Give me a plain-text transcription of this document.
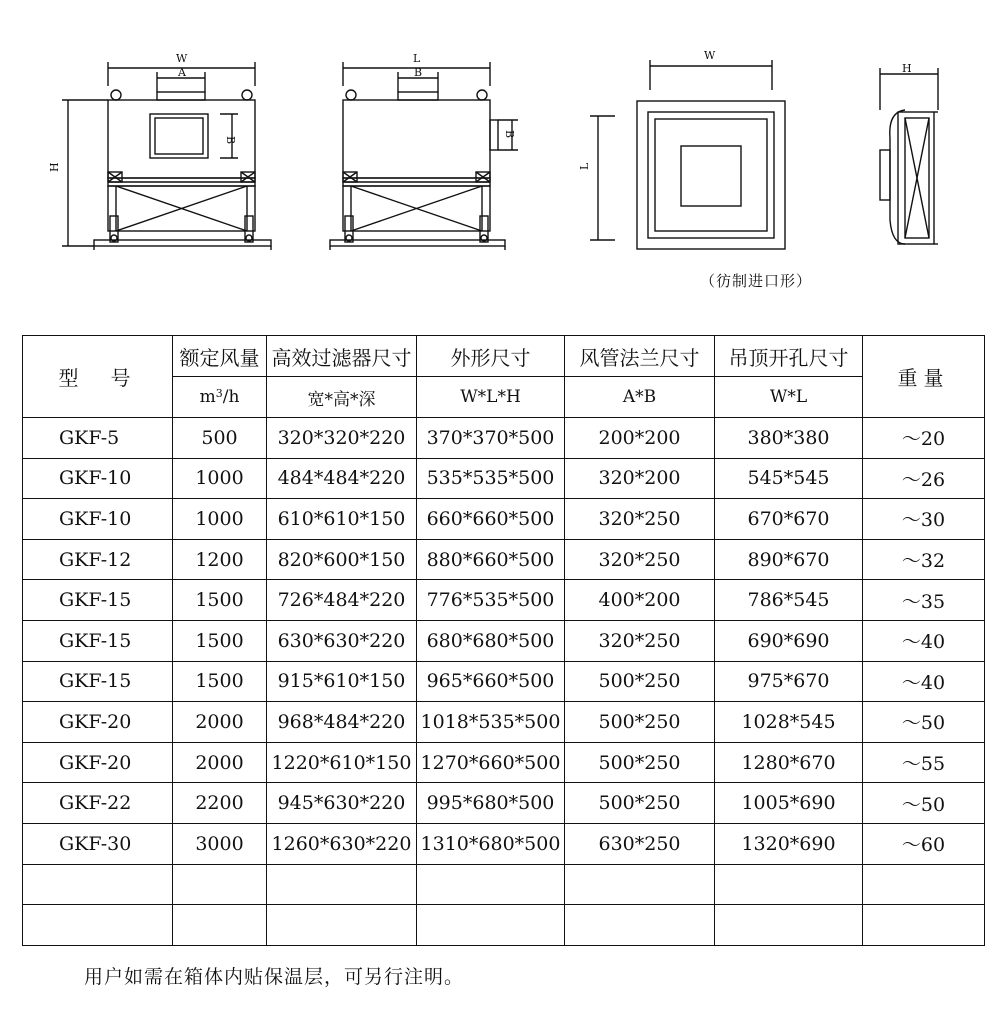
W
A
B
H
L
B
B
W
L
H
（彷制进口形）
型　号	额定风量	高效过滤器尺寸	外形尺寸	风管法兰尺寸	吊顶开孔尺寸	重量
	$m^3/h$	宽*高*深	W*L*H	A*B	W*L	
GKF-5	500	320*320*220	370*370*500	200*200	380*380	～20
GKF-10	1000	484*484*220	535*535*500	320*200	545*545	～26
GKF-10	1000	610*610*150	660*660*500	320*250	670*670	～30
GKF-12	1200	820*600*150	880*660*500	320*250	890*670	～32
GKF-15	1500	726*484*220	776*535*500	400*200	786*545	～35
GKF-15	1500	630*630*220	680*680*500	320*250	690*690	～40
GKF-15	1500	915*610*150	965*660*500	500*250	975*670	～40
GKF-20	2000	968*484*220	1018*535*500	500*250	1028*545	～50
GKF-20	2000	1220*610*150	1270*660*500	500*250	1280*670	～55
GKF-22	2200	945*630*220	995*680*500	500*250	1005*690	～50
GKF-30	3000	1260*630*220	1310*680*500	630*250	1320*690	～60

用户如需在箱体内贴保温层，可另行注明。
